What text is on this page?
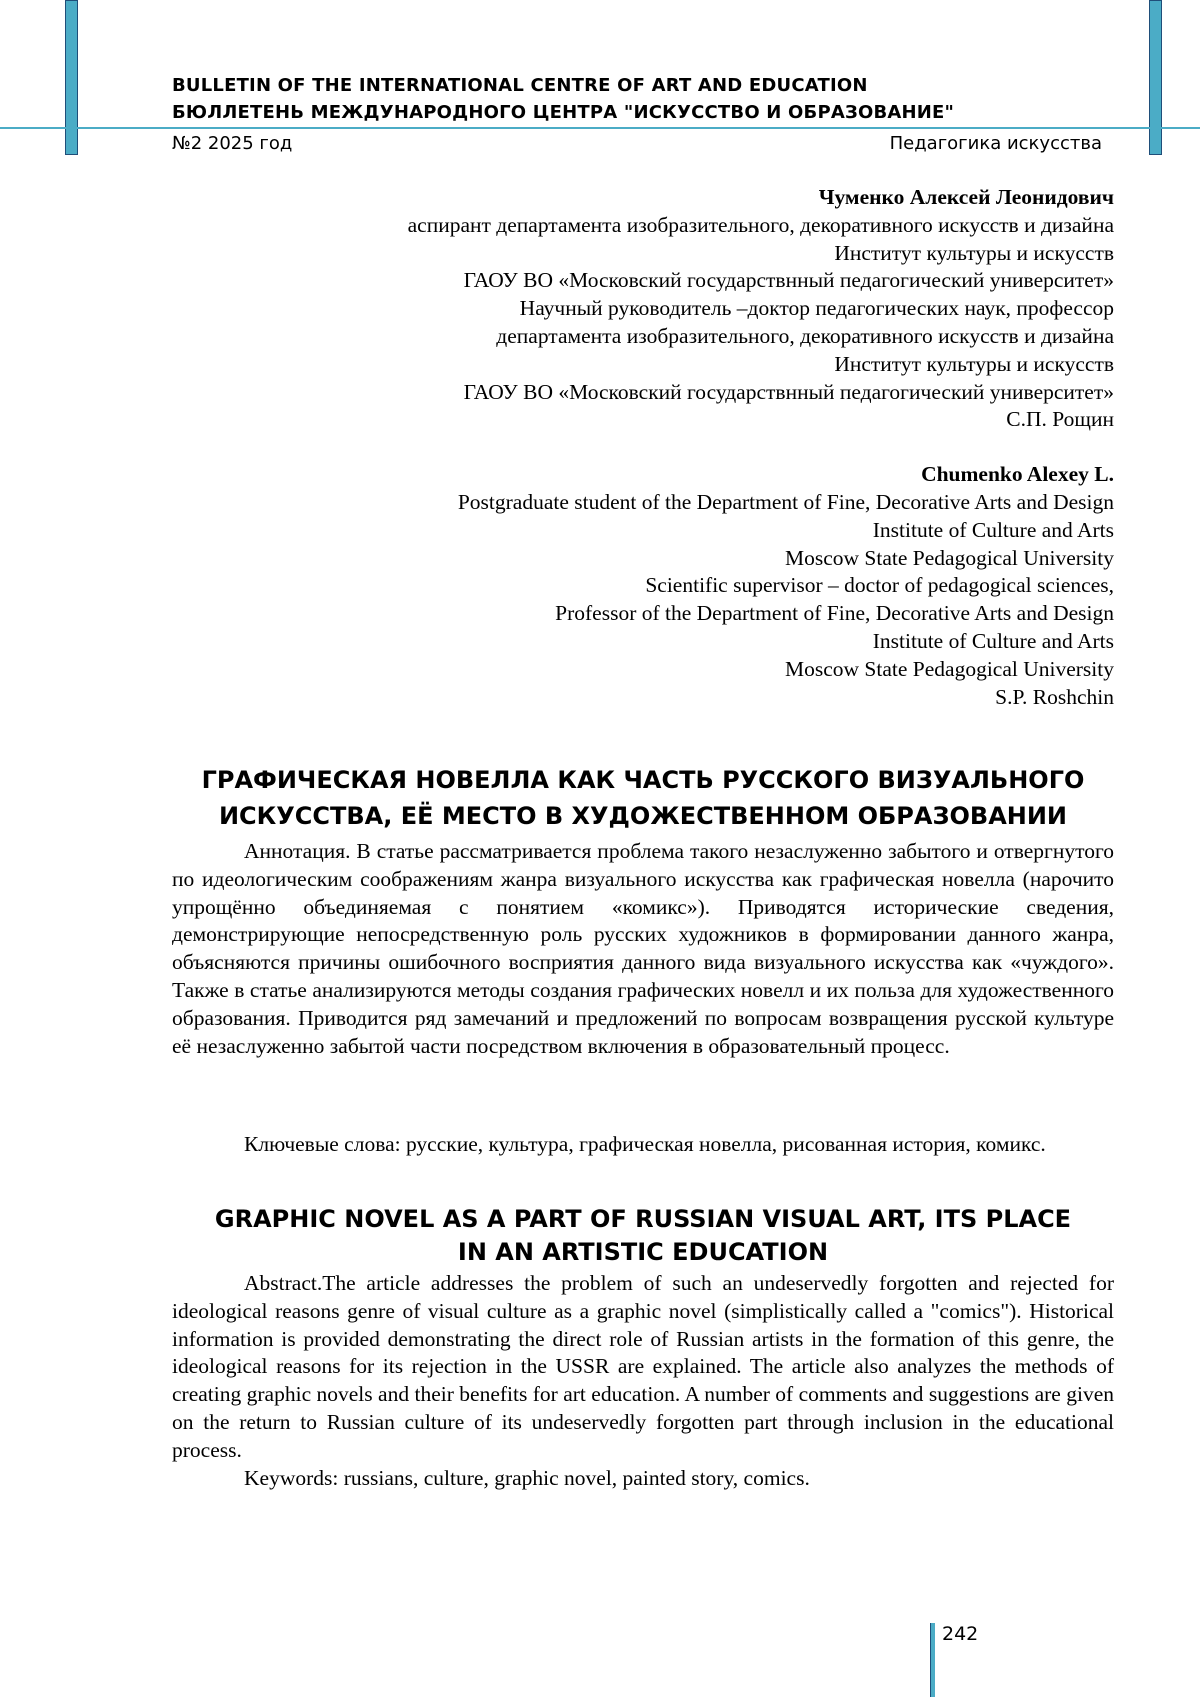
BULLETIN OF THE INTERNATIONAL CENTRE OF ART AND EDUCATION
БЮЛЛЕТЕНЬ МЕЖДУНАРОДНОГО ЦЕНТРА "ИСКУССТВО И ОБРАЗОВАНИЕ"
№2 2025 год	Педагогика искусства
Чуменко Алексей Леонидович
аспирант департамента изобразительного, декоративного искусств и дизайна
Институт культуры и искусств
ГАОУ ВО «Московский государствнный педагогический университет»
Научный руководитель –доктор педагогических наук, профессор
департамента изобразительного, декоративного искусств и дизайна
Институт культуры и искусств
ГАОУ ВО «Московский государствнный педагогический университет»
С.П. Рощин
Chumenko Alexey L.
Postgraduate student of the Department of Fine, Decorative Arts and Design
Institute of Culture and Arts
Moscow State Pedagogical University
Scientific supervisor – doctor of pedagogical sciences,
Professor of the Department of Fine, Decorative Arts and Design
Institute of Culture and Arts
Moscow State Pedagogical University
S.P. Roshchin
ГРАФИЧЕСКАЯ НОВЕЛЛА КАК ЧАСТЬ РУССКОГО ВИЗУАЛЬНОГО
ИСКУССТВА, ЕЁ МЕСТО В ХУДОЖЕСТВЕННОМ ОБРАЗОВАНИИ
Аннотация. В статье рассматривается проблема такого незаслуженно забытого и отвергнутого по идеологическим соображениям жанра визуального искусства как графическая новелла (нарочито упрощённо объединяемая с понятием «комикс»). Приводятся исторические сведения, демонстрирующие непосредственную роль русских художников в формировании данного жанра, объясняются причины ошибочного восприятия данного вида визуального искусства как «чуждого». Также в статье анализируются методы создания графических новелл и их польза для художественного образования. Приводится ряд замечаний и предложений по вопросам возвращения русской культуре её незаслуженно забытой части посредством включения в образовательный процесс.
Ключевые слова: русские, культура, графическая новелла, рисованная история, комикс.
GRAPHIC NOVEL AS A PART OF RUSSIAN VISUAL ART, ITS PLACE
IN AN ARTISTIC EDUCATION
Abstract.The article addresses the problem of such an undeservedly forgotten and rejected for ideological reasons genre of visual culture as a graphic novel (simplistically called a "comics"). Historical information is provided demonstrating the direct role of Russian artists in the formation of this genre, the ideological reasons for its rejection in the USSR are explained. The article also analyzes the methods of creating graphic novels and their benefits for art education. A number of comments and suggestions are given on the return to Russian culture of its undeservedly forgotten part through inclusion in the educational process.
Keywords: russians, culture, graphic novel, painted story, comics.
242
